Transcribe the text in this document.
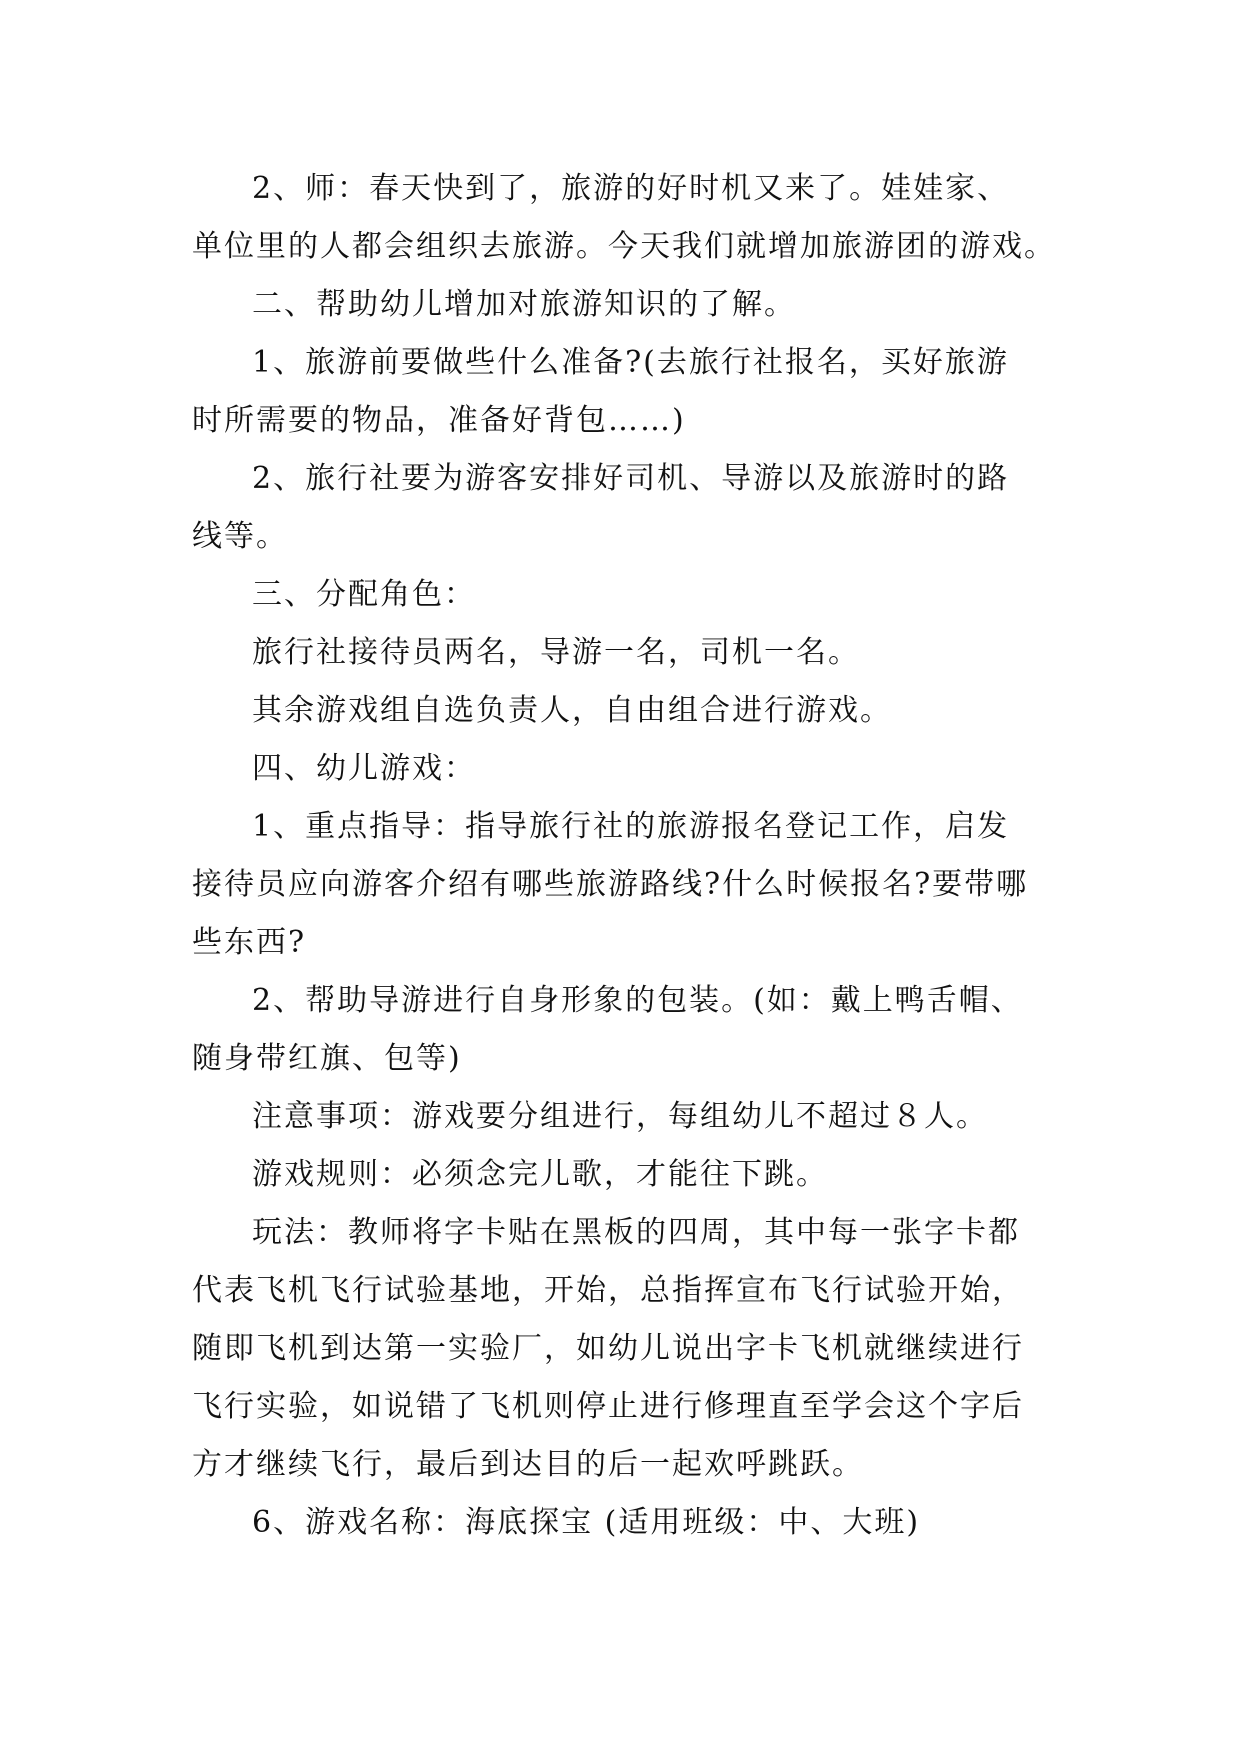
2、师：春天快到了，旅游的好时机又来了。娃娃家、
单位里的人都会组织去旅游。今天我们就增加旅游团的游戏。
二、帮助幼儿增加对旅游知识的了解。
1、旅游前要做些什么准备?(去旅行社报名，买好旅游
时所需要的物品，准备好背包……)
2、旅行社要为游客安排好司机、导游以及旅游时的路
线等。
三、分配角色：
旅行社接待员两名，导游一名，司机一名。
其余游戏组自选负责人，自由组合进行游戏。
四、幼儿游戏：
1、重点指导：指导旅行社的旅游报名登记工作，启发
接待员应向游客介绍有哪些旅游路线?什么时候报名?要带哪
些东西?
2、帮助导游进行自身形象的包装。(如：戴上鸭舌帽、
随身带红旗、包等)
注意事项：游戏要分组进行，每组幼儿不超过８人。
游戏规则：必须念完儿歌，才能往下跳。
玩法：教师将字卡贴在黑板的四周，其中每一张字卡都
代表飞机飞行试验基地，开始，总指挥宣布飞行试验开始，
随即飞机到达第一实验厂，如幼儿说出字卡飞机就继续进行
飞行实验，如说错了飞机则停止进行修理直至学会这个字后
方才继续飞行，最后到达目的后一起欢呼跳跃。
6、游戏名称：海底探宝 (适用班级：中、大班)
